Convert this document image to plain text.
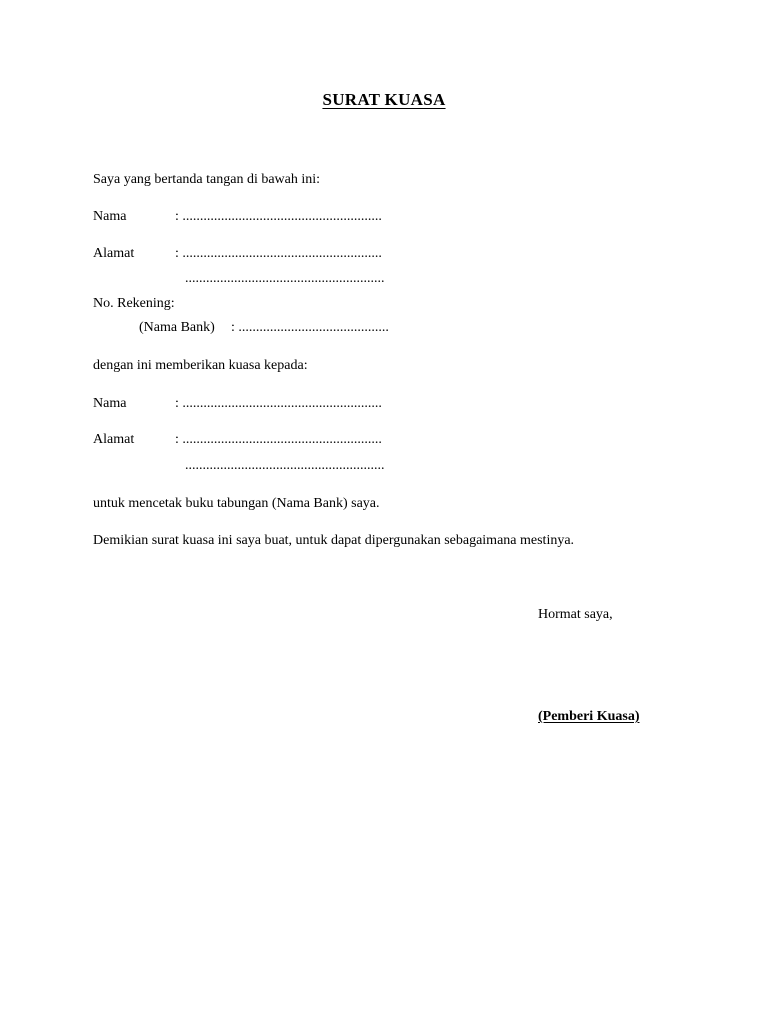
SURAT KUASA
Saya yang bertanda tangan di bawah ini:
Nama	: .........................................................
Alamat	: .........................................................
.........................................................
No. Rekening:
(Nama Bank) : ...........................................
dengan ini memberikan kuasa kepada:
Nama	: .........................................................
Alamat	: .........................................................
.........................................................
untuk mencetak buku tabungan (Nama Bank) saya.
Demikian surat kuasa ini saya buat, untuk dapat dipergunakan sebagaimana mestinya.
Hormat saya,
(Pemberi Kuasa)
